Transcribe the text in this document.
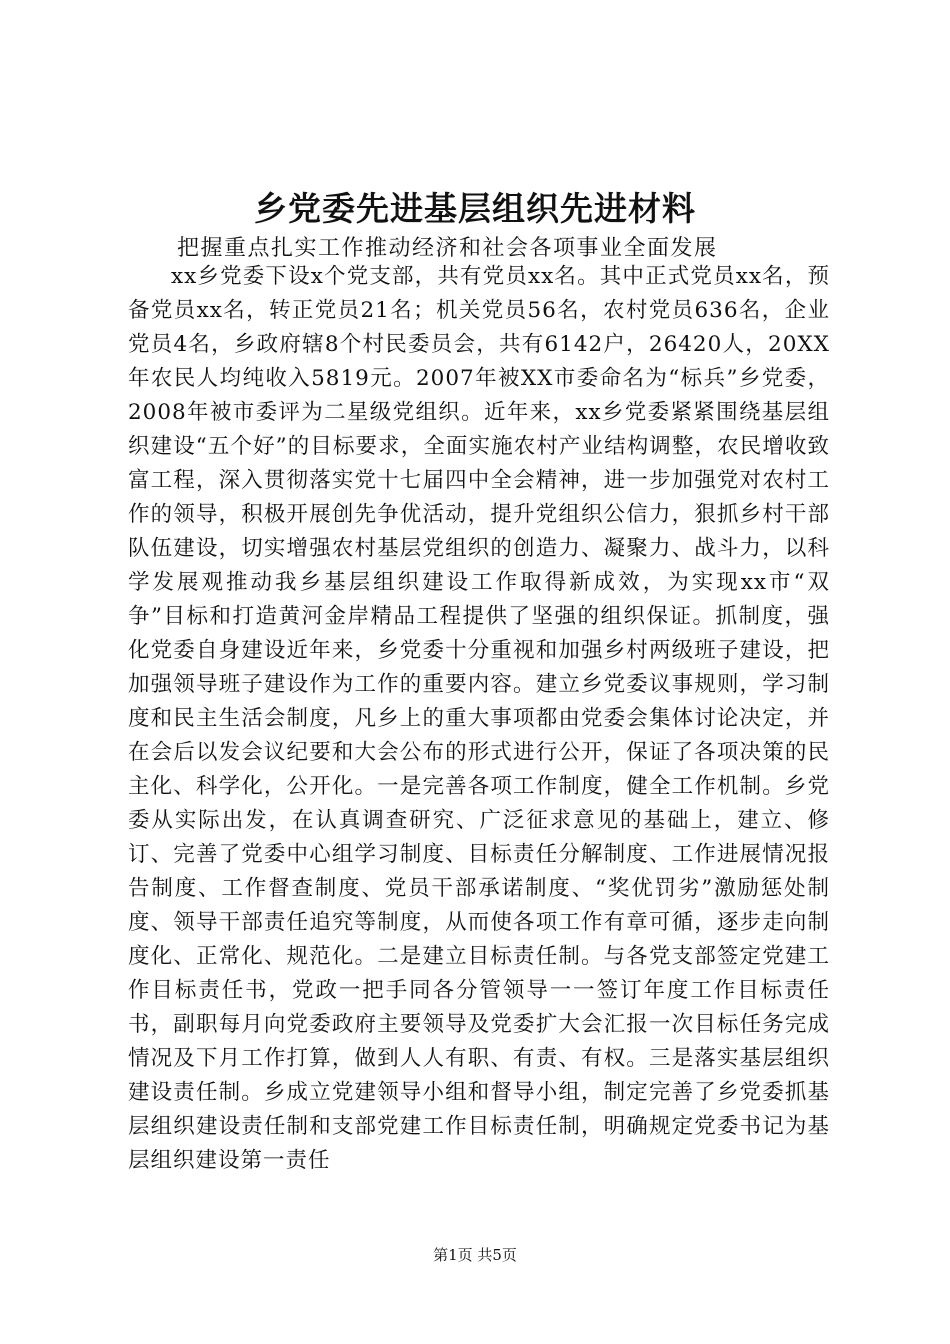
乡党委先进基层组织先进材料
把握重点扎实工作推动经济和社会各项事业全面发展

xx乡党委下设x个党支部，共有党员xx名。其中正式党员xx名，预备党员xx名，转正党员21名；机关党员56名，农村党员636名，企业党员4名，乡政府辖8个村民委员会，共有6142户，26420人，20XX年农民人均纯收入5819元。2007年被XX市委命名为“标兵”乡党委，2008年被市委评为二星级党组织。近年来，xx乡党委紧紧围绕基层组织建设“五个好”的目标要求，全面实施农村产业结构调整，农民增收致富工程，深入贯彻落实党十七届四中全会精神，进一步加强党对农村工作的领导，积极开展创先争优活动，提升党组织公信力，狠抓乡村干部队伍建设，切实增强农村基层党组织的创造力、凝聚力、战斗力，以科学发展观推动我乡基层组织建设工作取得新成效，为实现xx市“双争”目标和打造黄河金岸精品工程提供了坚强的组织保证。抓制度，强化党委自身建设近年来，乡党委十分重视和加强乡村两级班子建设，把加强领导班子建设作为工作的重要内容。建立乡党委议事规则，学习制度和民主生活会制度，凡乡上的重大事项都由党委会集体讨论决定，并在会后以发会议纪要和大会公布的形式进行公开，保证了各项决策的民主化、科学化，公开化。一是完善各项工作制度，健全工作机制。乡党委从实际出发，在认真调查研究、广泛征求意见的基础上，建立、修订、完善了党委中心组学习制度、目标责任分解制度、工作进展情况报告制度、工作督查制度、党员干部承诺制度、“奖优罚劣”激励惩处制度、领导干部责任追究等制度，从而使各项工作有章可循，逐步走向制度化、正常化、规范化。二是建立目标责任制。与各党支部签定党建工作目标责任书，党政一把手同各分管领导一一签订年度工作目标责任书，副职每月向党委政府主要领导及党委扩大会汇报一次目标任务完成情况及下月工作打算，做到人人有职、有责、有权。三是落实基层组织建设责任制。乡成立党建领导小组和督导小组，制定完善了乡党委抓基层组织建设责任制和支部党建工作目标责任制，明确规定党委书记为基层组织建设第一责任

第1页 共5页
